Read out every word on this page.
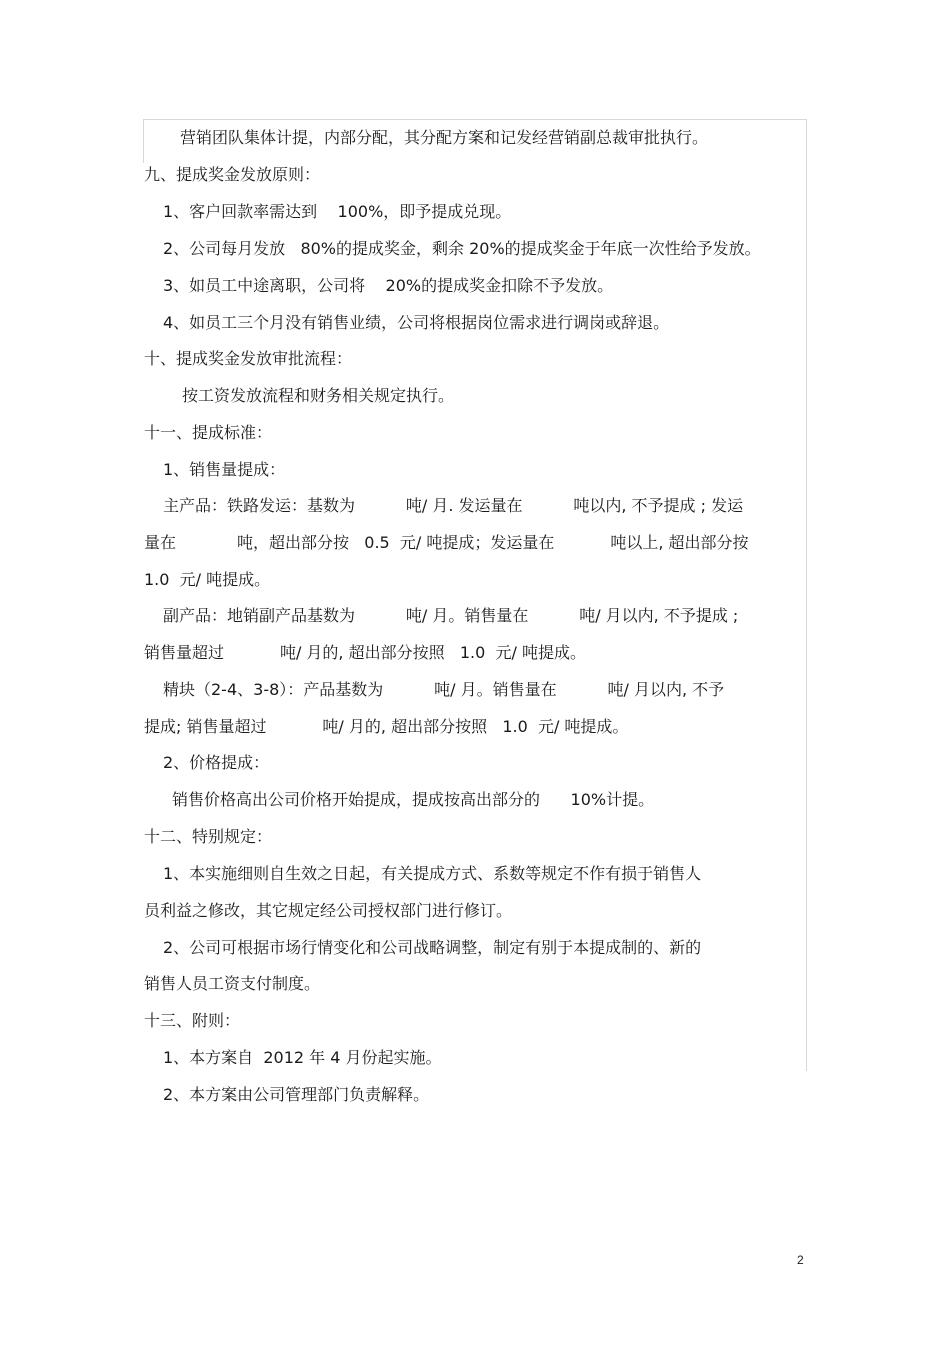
营销团队集体计提，内部分配，其分配方案和记发经营销副总裁审批执行。

九、提成奖金发放原则：

1、客户回款率需达到    100%，即予提成兑现。

2、公司每月发放   80%的提成奖金，剩余 20%的提成奖金于年底一次性给予发放。

3、如员工中途离职，公司将    20%的提成奖金扣除不予发放。

4、如员工三个月没有销售业绩，公司将根据岗位需求进行调岗或辞退。

十、提成奖金发放审批流程：

按工资发放流程和财务相关规定执行。

十一、提成标准：

1、销售量提成：

主产品：铁路发运：基数为          吨/ 月. 发运量在          吨以内, 不予提成 ; 发运

量在            吨，超出部分按   0.5  元/ 吨提成；发运量在           吨以上, 超出部分按

1.0  元/ 吨提成。

副产品：地销副产品基数为          吨/ 月。销售量在          吨/ 月以内, 不予提成 ;

销售量超过           吨/ 月的, 超出部分按照   1.0  元/ 吨提成。

精块（2-4、3-8）：产品基数为          吨/ 月。销售量在          吨/ 月以内, 不予

提成; 销售量超过           吨/ 月的, 超出部分按照   1.0  元/ 吨提成。

2、价格提成：

销售价格高出公司价格开始提成，提成按高出部分的      10%计提。

十二、特别规定：

1、本实施细则自生效之日起，有关提成方式、系数等规定不作有损于销售人

员利益之修改，其它规定经公司授权部门进行修订。

2、公司可根据市场行情变化和公司战略调整，制定有别于本提成制的、新的

销售人员工资支付制度。

十三、附则：

1、本方案自  2012 年 4 月份起实施。

2、本方案由公司管理部门负责解释。

2
